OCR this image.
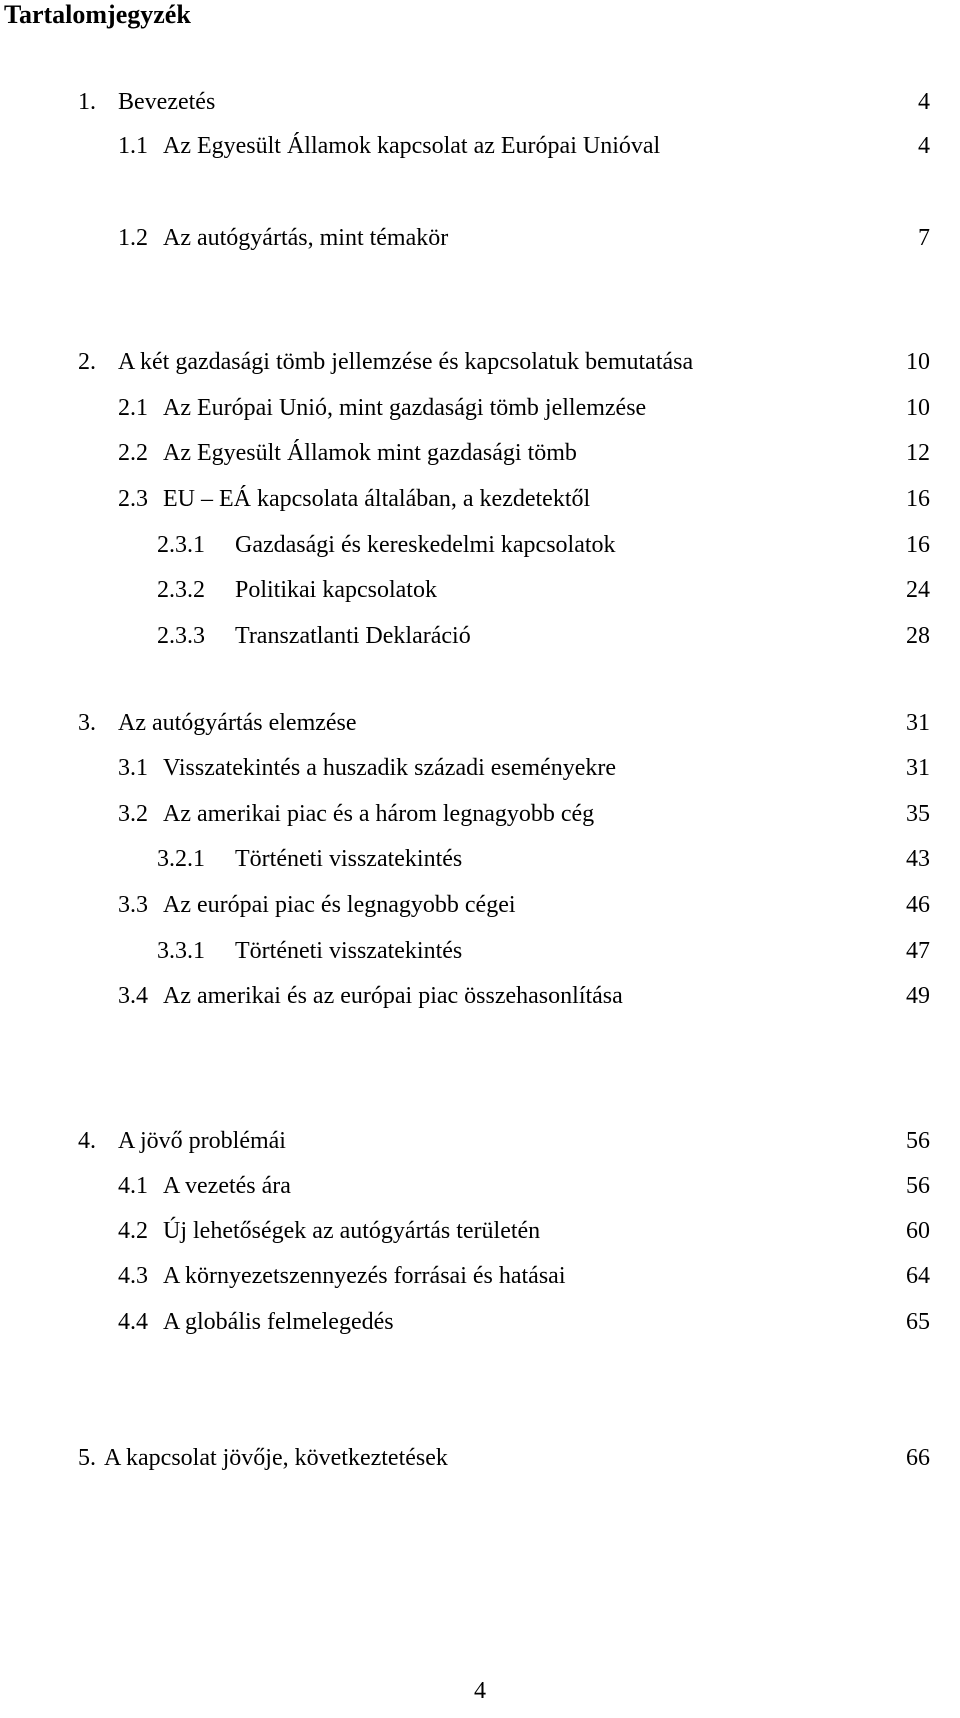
Tartalomjegyzék
1. Bevezetés	4
1.1 Az Egyesült Államok kapcsolat az Európai Unióval	4
1.2 Az autógyártás, mint témakör	7
2. A két gazdasági tömb jellemzése és kapcsolatuk bemutatása	10
2.1 Az Európai Unió, mint gazdasági tömb jellemzése	10
2.2 Az Egyesült Államok mint gazdasági tömb	12
2.3 EU – EÁ kapcsolata általában, a kezdetektől	16
2.3.1 Gazdasági és kereskedelmi kapcsolatok	16
2.3.2 Politikai kapcsolatok	24
2.3.3 Transzatlanti Deklaráció	28
3. Az autógyártás elemzése	31
3.1 Visszatekintés a huszadik századi eseményekre	31
3.2 Az amerikai piac és a három legnagyobb cég	35
3.2.1 Történeti visszatekintés	43
3.3 Az európai piac és legnagyobb cégei	46
3.3.1 Történeti visszatekintés	47
3.4 Az amerikai és az európai piac összehasonlítása	49
4. A jövő problémái	56
4.1 A vezetés ára	56
4.2 Új lehetőségek az autógyártás területén	60
4.3 A környezetszennyezés forrásai és hatásai	64
4.4 A globális felmelegedés	65
5. A kapcsolat jövője, következtetések	66
4
